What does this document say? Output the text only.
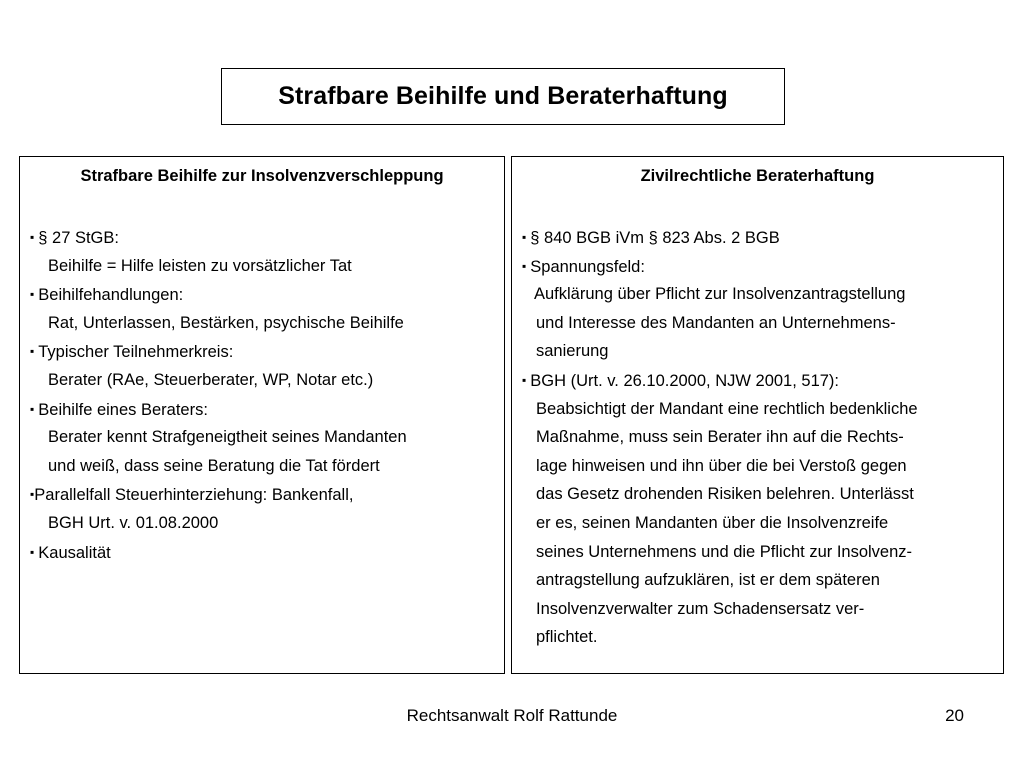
Strafbare Beihilfe und Beraterhaftung
Strafbare Beihilfe zur Insolvenzverschleppung
▪ § 27 StGB:
Beihilfe = Hilfe leisten zu vorsätzlicher Tat
▪ Beihilfehandlungen:
Rat, Unterlassen, Bestärken, psychische Beihilfe
▪ Typischer Teilnehmerkreis:
Berater (RAe, Steuerberater, WP, Notar etc.)
▪ Beihilfe eines Beraters:
Berater kennt Strafgeneigtheit seines Mandanten
und weiß, dass seine Beratung die Tat fördert
▪Parallelfall Steuerhinterziehung: Bankenfall,
BGH Urt. v. 01.08.2000
▪ Kausalität
Zivilrechtliche Beraterhaftung
▪ § 840 BGB iVm § 823 Abs. 2 BGB
▪ Spannungsfeld:
Aufklärung über Pflicht zur Insolvenzantragstellung
und Interesse des Mandanten an Unternehmens-
sanierung
▪ BGH (Urt. v. 26.10.2000, NJW 2001, 517):
Beabsichtigt der Mandant eine rechtlich bedenkliche
Maßnahme, muss sein Berater ihn auf die Rechts-
lage hinweisen und ihn über die bei Verstoß gegen
das Gesetz drohenden Risiken belehren. Unterlässt
er es, seinen Mandanten über die Insolvenzreife
seines Unternehmens und die Pflicht zur Insolvenz-
antragstellung aufzuklären, ist er dem späteren
Insolvenzverwalter zum Schadensersatz ver-
pflichtet.
Rechtsanwalt Rolf Rattunde	20
